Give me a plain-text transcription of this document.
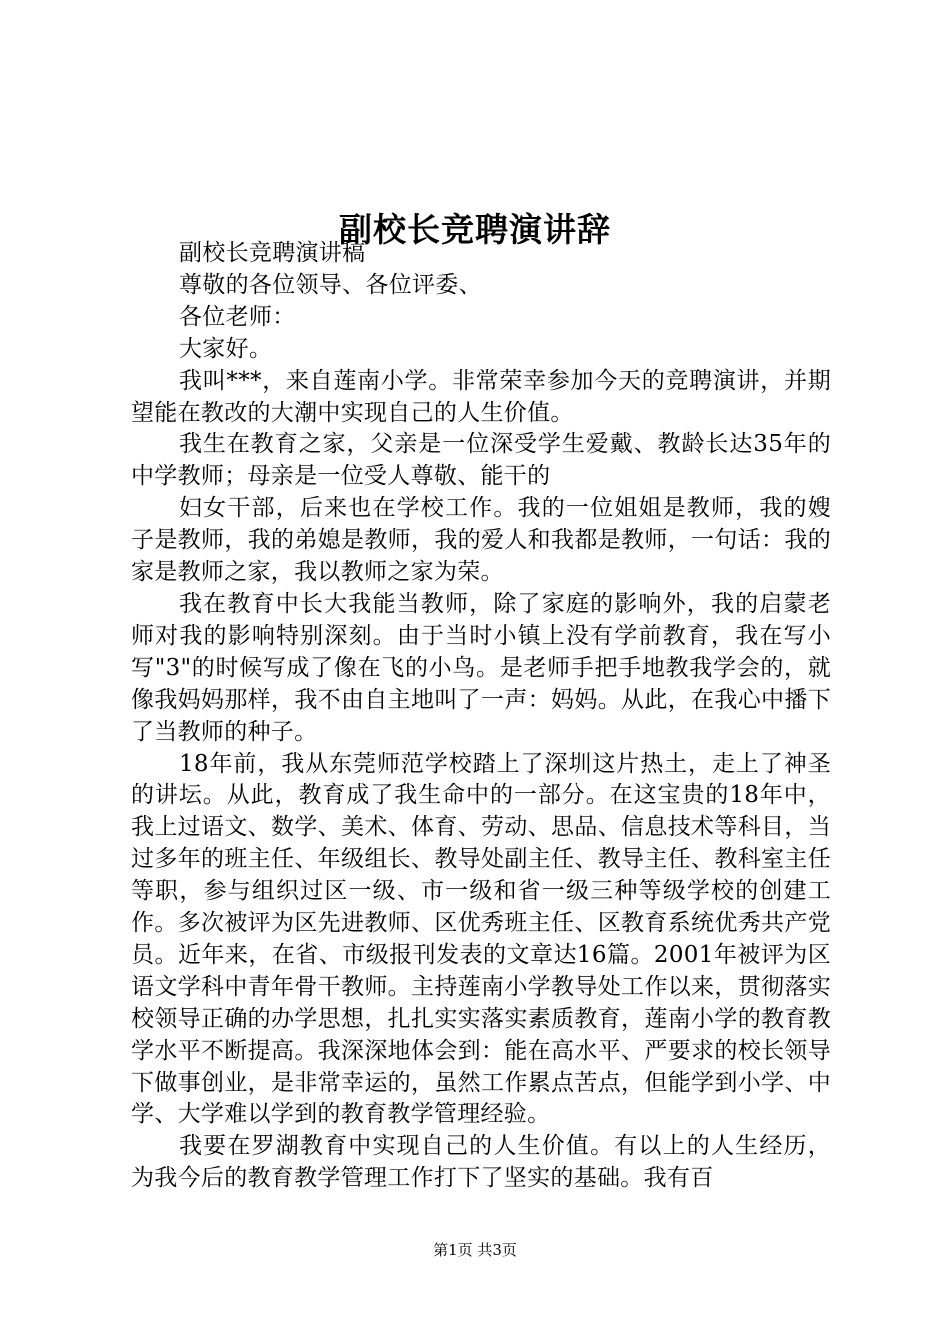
副校长竞聘演讲辞

副校长竞聘演讲稿

尊敬的各位领导、各位评委、

各位老师：

大家好。

我叫***，来自莲南小学。非常荣幸参加今天的竞聘演讲，并期望能在教改的大潮中实现自己的人生价值。

我生在教育之家，父亲是一位深受学生爱戴、教龄长达35年的中学教师；母亲是一位受人尊敬、能干的

妇女干部，后来也在学校工作。我的一位姐姐是教师，我的嫂子是教师，我的弟媳是教师，我的爱人和我都是教师，一句话：我的家是教师之家，我以教师之家为荣。

我在教育中长大我能当教师，除了家庭的影响外，我的启蒙老师对我的影响特别深刻。由于当时小镇上没有学前教育，我在写小写"3"的时候写成了像在飞的小鸟。是老师手把手地教我学会的，就像我妈妈那样，我不由自主地叫了一声：妈妈。从此，在我心中播下了当教师的种子。

18年前，我从东莞师范学校踏上了深圳这片热土，走上了神圣的讲坛。从此，教育成了我生命中的一部分。在这宝贵的18年中，我上过语文、数学、美术、体育、劳动、思品、信息技术等科目，当过多年的班主任、年级组长、教导处副主任、教导主任、教科室主任等职，参与组织过区一级、市一级和省一级三种等级学校的创建工作。多次被评为区先进教师、区优秀班主任、区教育系统优秀共产党员。近年来，在省、市级报刊发表的文章达16篇。2001年被评为区语文学科中青年骨干教师。主持莲南小学教导处工作以来，贯彻落实校领导正确的办学思想，扎扎实实落实素质教育，莲南小学的教育教学水平不断提高。我深深地体会到：能在高水平、严要求的校长领导下做事创业，是非常幸运的，虽然工作累点苦点，但能学到小学、中学、大学难以学到的教育教学管理经验。

我要在罗湖教育中实现自己的人生价值。有以上的人生经历，为我今后的教育教学管理工作打下了坚实的基础。我有百

第1页 共3页
